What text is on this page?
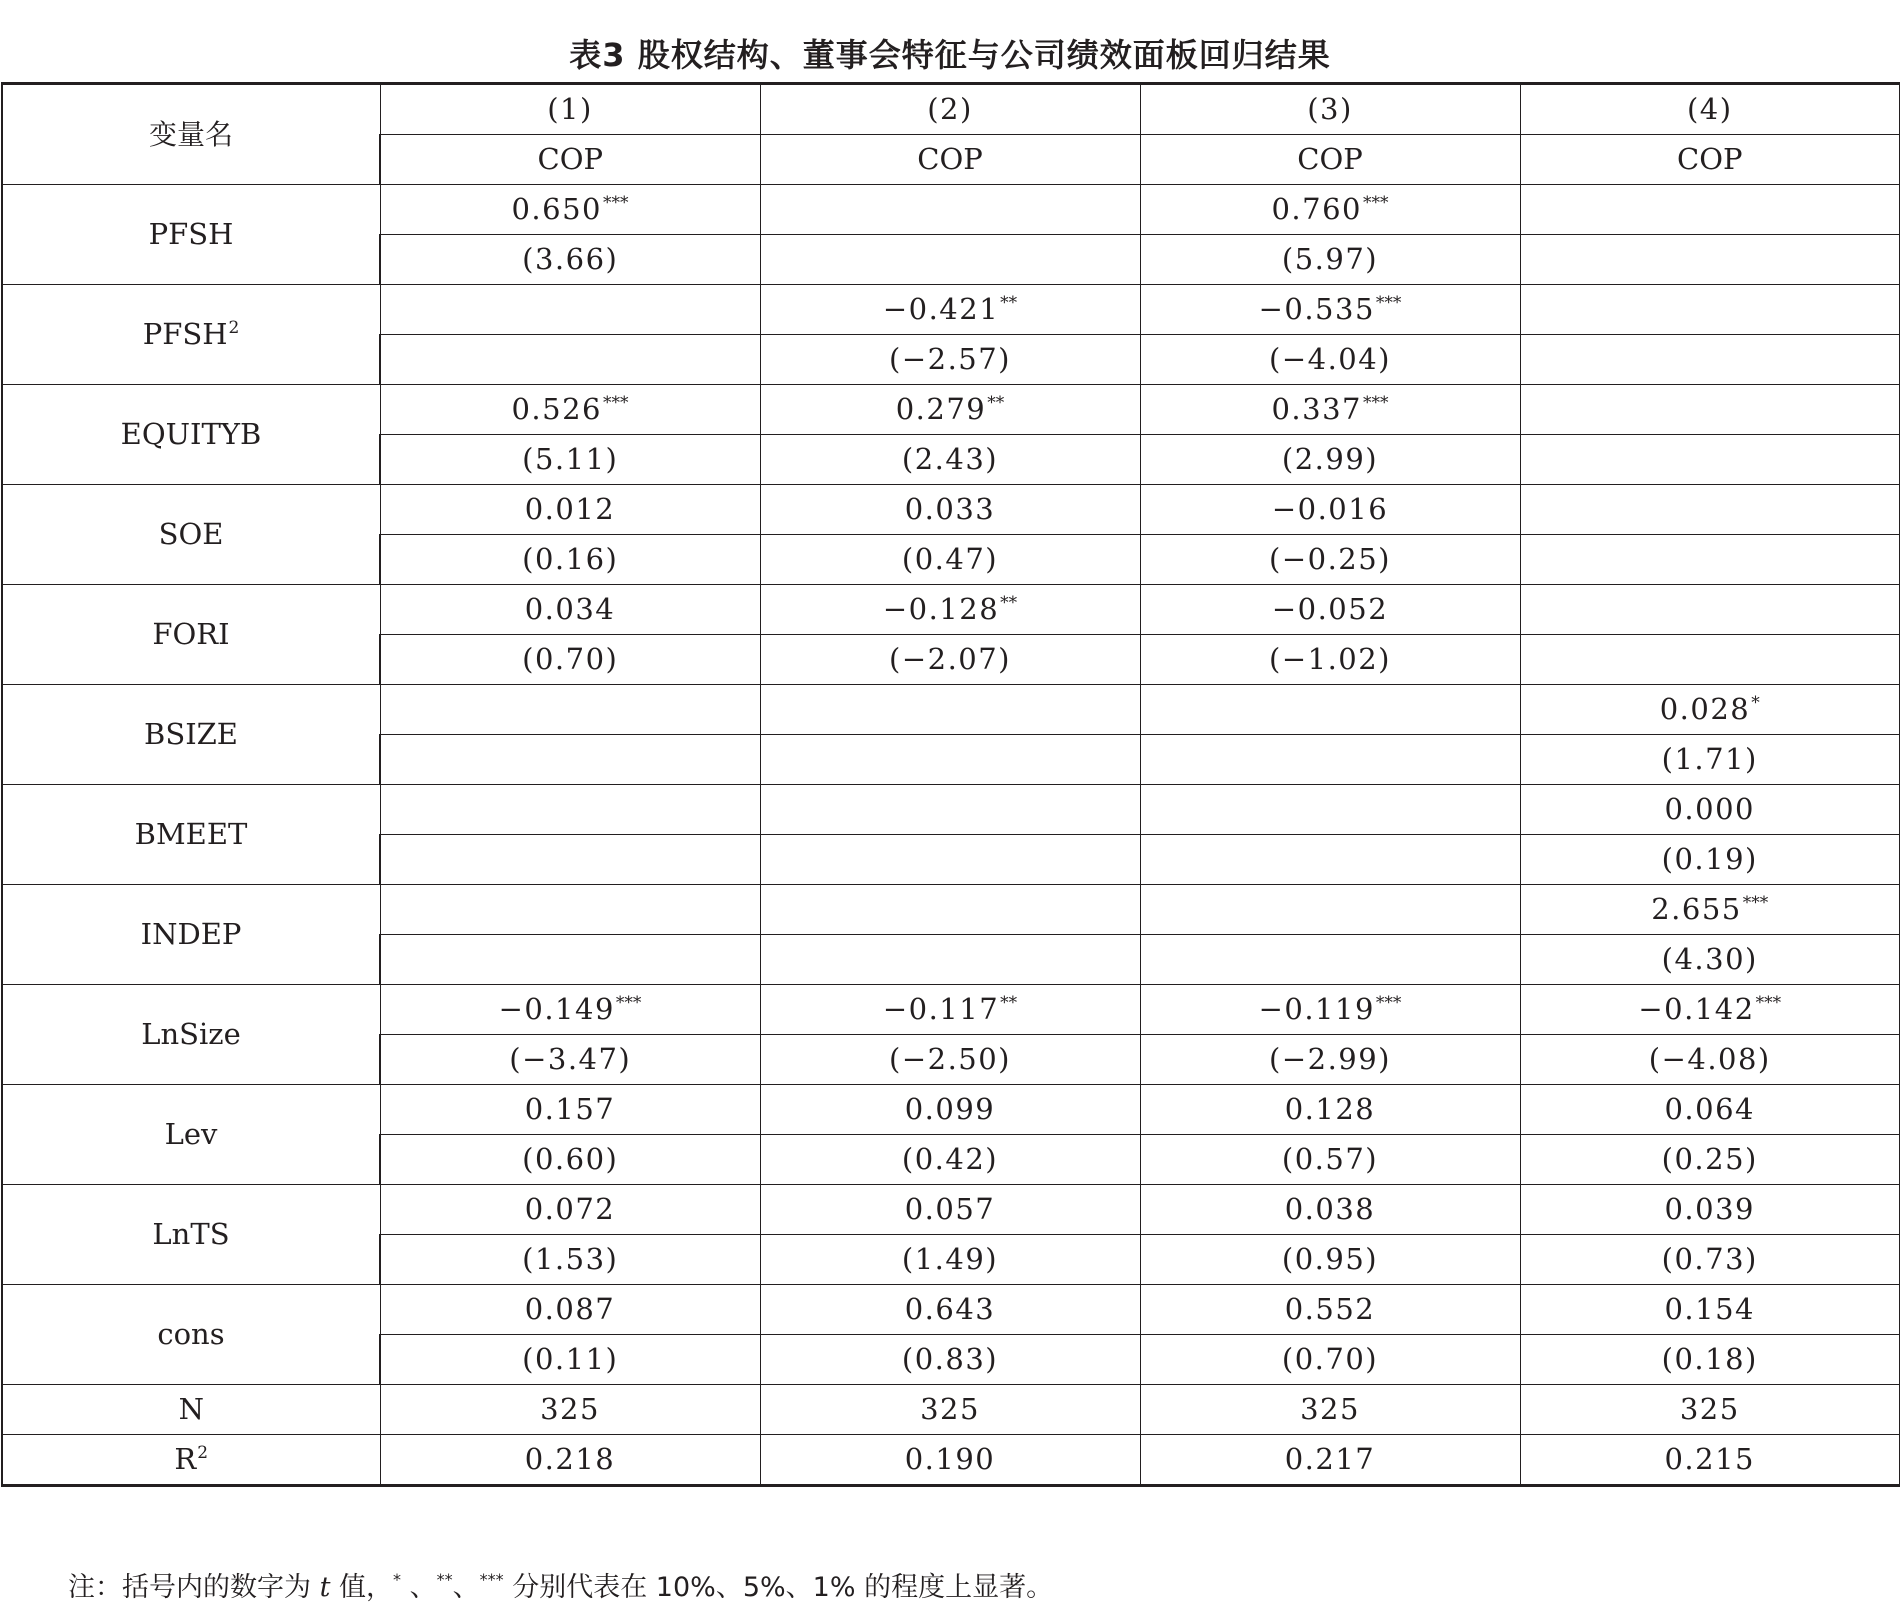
表3 股权结构、董事会特征与公司绩效面板回归结果
变量名	(1)	(2)	(3)	(4)
	COP	COP	COP	COP
PFSH	0.650***		0.760***	
	(3.66)		(5.97)	
PFSH$^2$		−0.421**	−0.535***	
		(−2.57)	(−4.04)	
EQUITYB	0.526***	0.279**	0.337***	
	(5.11)	(2.43)	(2.99)	
SOE	0.012	0.033	−0.016	
	(0.16)	(0.47)	(−0.25)	
FORI	0.034	−0.128**	−0.052	
	(0.70)	(−2.07)	(−1.02)	
BSIZE				0.028*
				(1.71)
BMEET				0.000
				(0.19)
INDEP				2.655***
				(4.30)
LnSize	−0.149***	−0.117**	−0.119***	−0.142***
	(−3.47)	(−2.50)	(−2.99)	(−4.08)
Lev	0.157	0.099	0.128	0.064
	(0.60)	(0.42)	(0.57)	(0.25)
LnTS	0.072	0.057	0.038	0.039
	(1.53)	(1.49)	(0.95)	(0.73)
cons	0.087	0.643	0.552	0.154
	(0.11)	(0.83)	(0.70)	(0.18)
N	325	325	325	325
$R^2$	0.218	0.190	0.217	0.215
注：括号内的数字为 t 值，* 、**、*** 分别代表在 10%、5%、1% 的程度上显著。
